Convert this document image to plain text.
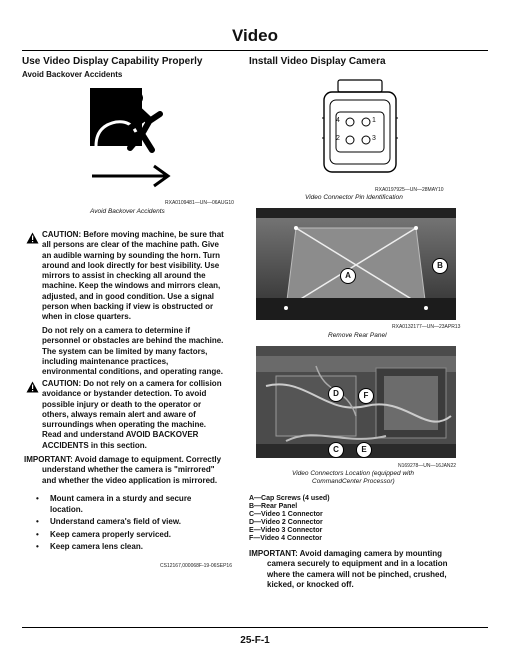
Video
Use Video Display Capability Properly
Avoid Backover Accidents
RXA0109481—UN—06AUG10
Avoid Backover Accidents
CAUTION: Before moving machine, be sure that
all persons are clear of the machine path. Give
an audible warning by sounding the horn. Turn
around and look directly for best visibility. Use
mirrors to assist in checking all around the
machine. Keep the windows and mirrors clean,
adjusted, and in good condition. Use a signal
person when backing if view is obstructed or
when in close quarters.
Do not rely on a camera to determine if
personnel or obstacles are behind the machine.
The system can be limited by many factors,
including maintenance practices,
environmental conditions, and operating range.
CAUTION: Do not rely on a camera for collision
avoidance or bystander detection. To avoid
possible injury or death to the operator or
others, always remain alert and aware of
surroundings when operating the machine.
Read and understand AVOID BACKOVER
ACCIDENTS in this section.
IMPORTANT: Avoid damage to equipment. Correctly
understand whether the camera is "mirrored"
and whether the video application is mirrored.
• Mount camera in a sturdy and secure location.
• Understand camera's field of view.
• Keep camera properly serviced.
• Keep camera lens clean.
CS12167,000068F-19-06SEP16
Install Video Display Camera
4	1
2	3
RXA0197925—UN—28MAY10
Video Connector Pin Identification
A
B
RXA0132177—UN—23APR13
Remove Rear Panel
D	F
C	E
N169278—UN—16JAN22
Video Connectors Location (equipped with
CommandCenter Processor)
A—Cap Screws (4 used)
B—Rear Panel
C—Video 1 Connector
D—Video 2 Connector
E—Video 3 Connector
F—Video 4 Connector
IMPORTANT: Avoid damaging camera by mounting
camera securely to equipment and in a location
where the camera will not be pinched, crushed,
kicked, or knocked off.
25-F-1
